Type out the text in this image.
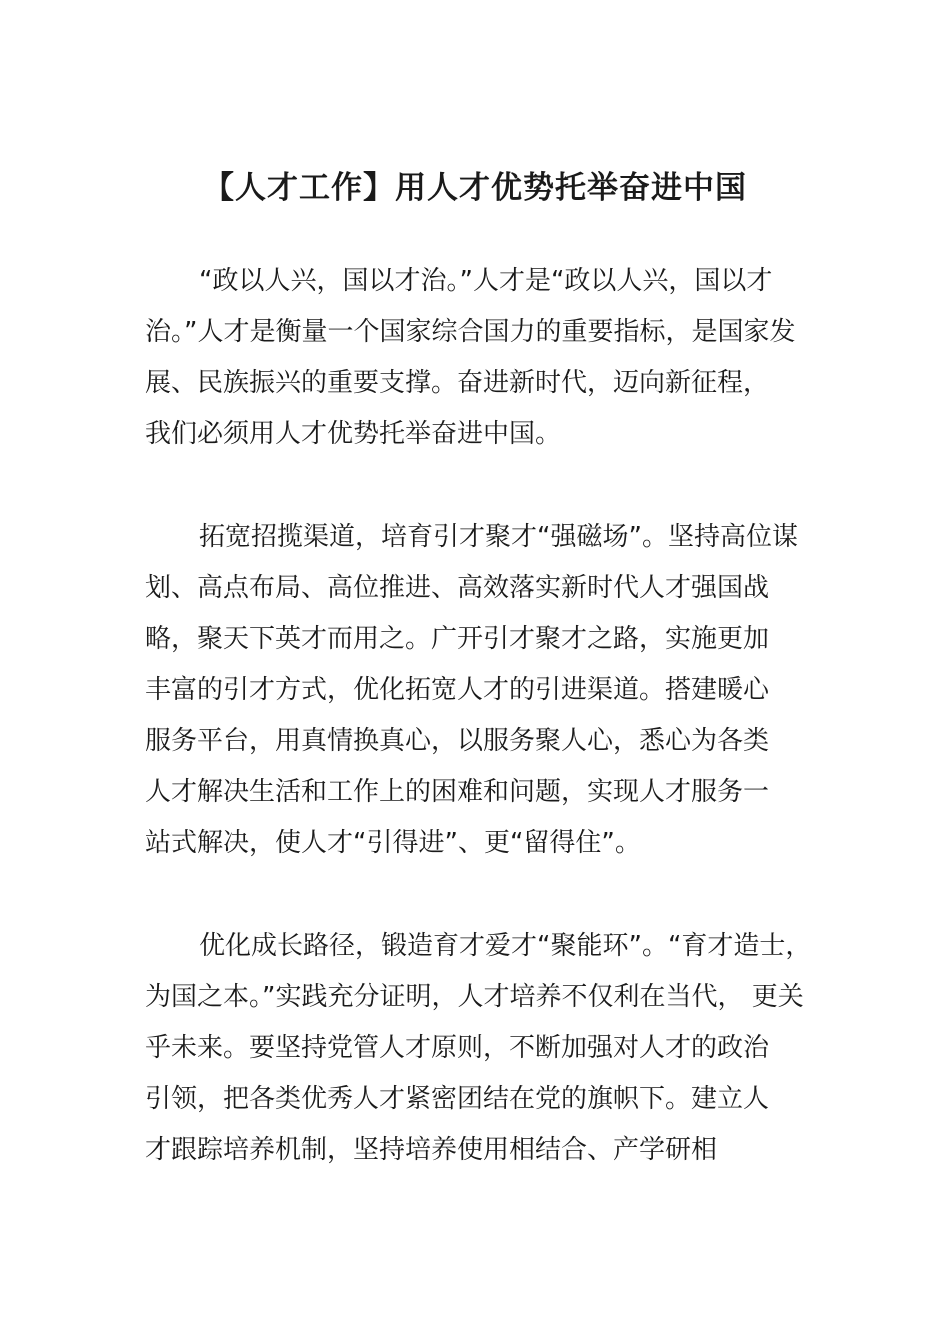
【人才工作】用人才优势托举奋进中国

“政以人兴，国以才治。”人才是“政以人兴，国以才
治。”人才是衡量一个国家综合国力的重要指标，是国家发
展、民族振兴的重要支撑。奋进新时代，迈向新征程，
我们必须用人才优势托举奋进中国。

拓宽招揽渠道，培育引才聚才“强磁场”。坚持高位谋
划、高点布局、高位推进、高效落实新时代人才强国战
略，聚天下英才而用之。广开引才聚才之路，实施更加
丰富的引才方式，优化拓宽人才的引进渠道。搭建暖心
服务平台，用真情换真心，以服务聚人心，悉心为各类
人才解决生活和工作上的困难和问题，实现人才服务一
站式解决，使人才“引得进”、更“留得住”。

优化成长路径，锻造育才爱才“聚能环”。“育才造士，
为国之本。”实践充分证明，人才培养不仅利在当代， 更关
乎未来。要坚持党管人才原则，不断加强对人才的政治
引领，把各类优秀人才紧密团结在党的旗帜下。建立人
才跟踪培养机制，坚持培养使用相结合、产学研相
